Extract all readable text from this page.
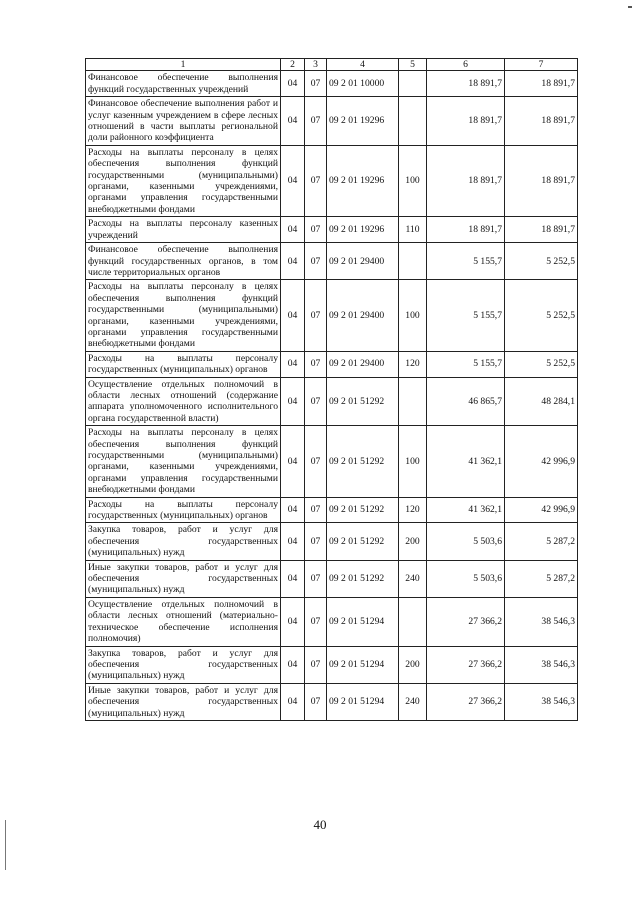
1	2	3	4	5	6	7
Финансовое обеспечение выполнения функций государственных учреждений	04	07	09 2 01 10000		18 891,7	18 891,7
Финансовое обеспечение выполнения работ и услуг казенным учреждением в сфере лесных отношений в части выплаты региональной доли районного коэффициента	04	07	09 2 01 19296		18 891,7	18 891,7
Расходы на выплаты персоналу в целях обеспечения выполнения функций государственными (муниципальными) органами, казенными учреждениями, органами управления государственными внебюджетными фондами	04	07	09 2 01 19296	100	18 891,7	18 891,7
Расходы на выплаты персоналу казенных учреждений	04	07	09 2 01 19296	110	18 891,7	18 891,7
Финансовое обеспечение выполнения функций государственных органов, в том числе территориальных органов	04	07	09 2 01 29400		5 155,7	5 252,5
Расходы на выплаты персоналу в целях обеспечения выполнения функций государственными (муниципальными) органами, казенными учреждениями, органами управления государственными внебюджетными фондами	04	07	09 2 01 29400	100	5 155,7	5 252,5
Расходы на выплаты персоналу государственных (муниципальных) органов	04	07	09 2 01 29400	120	5 155,7	5 252,5
Осуществление отдельных полномочий в области лесных отношений (содержание аппарата уполномоченного исполнительного органа государственной власти)	04	07	09 2 01 51292		46 865,7	48 284,1
Расходы на выплаты персоналу в целях обеспечения выполнения функций государственными (муниципальными) органами, казенными учреждениями, органами управления государственными внебюджетными фондами	04	07	09 2 01 51292	100	41 362,1	42 996,9
Расходы на выплаты персоналу государственных (муниципальных) органов	04	07	09 2 01 51292	120	41 362,1	42 996,9
Закупка товаров, работ и услуг для обеспечения государственных (муниципальных) нужд	04	07	09 2 01 51292	200	5 503,6	5 287,2
Иные закупки товаров, работ и услуг для обеспечения государственных (муниципальных) нужд	04	07	09 2 01 51292	240	5 503,6	5 287,2
Осуществление отдельных полномочий в области лесных отношений (материально-техническое обеспечение исполнения полномочия)	04	07	09 2 01 51294		27 366,2	38 546,3
Закупка товаров, работ и услуг для обеспечения государственных (муниципальных) нужд	04	07	09 2 01 51294	200	27 366,2	38 546,3
Иные закупки товаров, работ и услуг для обеспечения государственных (муниципальных) нужд	04	07	09 2 01 51294	240	27 366,2	38 546,3
40
